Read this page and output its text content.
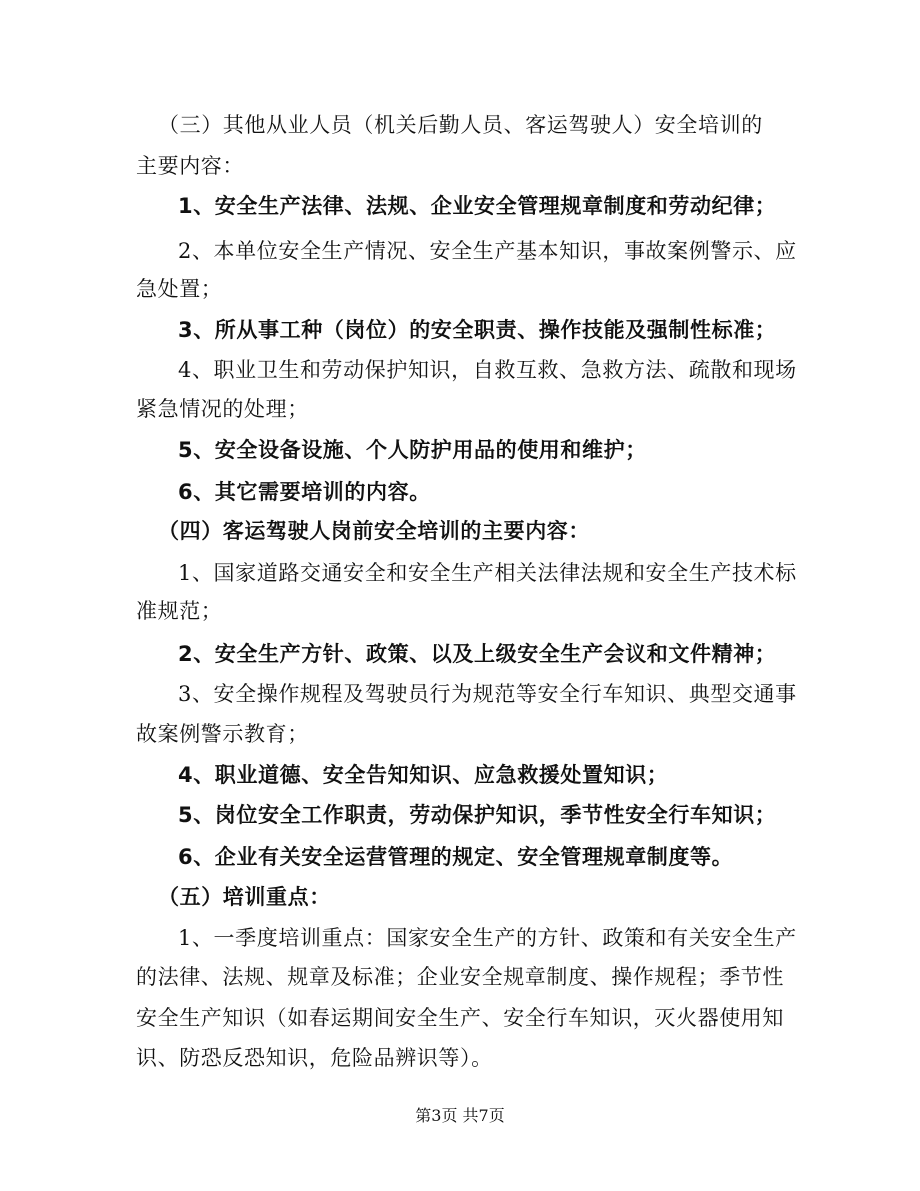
（三）其他从业人员（机关后勤人员、客运驾驶人）安全培训的
主要内容：
1、安全生产法律、法规、企业安全管理规章制度和劳动纪律；
2、本单位安全生产情况、安全生产基本知识，事故案例警示、应
急处置；
3、所从事工种（岗位）的安全职责、操作技能及强制性标准；
4、职业卫生和劳动保护知识，自救互救、急救方法、疏散和现场
紧急情况的处理；
5、安全设备设施、个人防护用品的使用和维护；
6、其它需要培训的内容。
（四）客运驾驶人岗前安全培训的主要内容：
1、国家道路交通安全和安全生产相关法律法规和安全生产技术标
准规范；
2、安全生产方针、政策、以及上级安全生产会议和文件精神；
3、安全操作规程及驾驶员行为规范等安全行车知识、典型交通事
故案例警示教育；
4、职业道德、安全告知知识、应急救援处置知识；
5、岗位安全工作职责，劳动保护知识，季节性安全行车知识；
6、企业有关安全运营管理的规定、安全管理规章制度等。
（五）培训重点：
1、一季度培训重点：国家安全生产的方针、政策和有关安全生产
的法律、法规、规章及标准；企业安全规章制度、操作规程；季节性
安全生产知识（如春运期间安全生产、安全行车知识，灭火器使用知
识、防恐反恐知识，危险品辨识等）。
第3页 共7页
